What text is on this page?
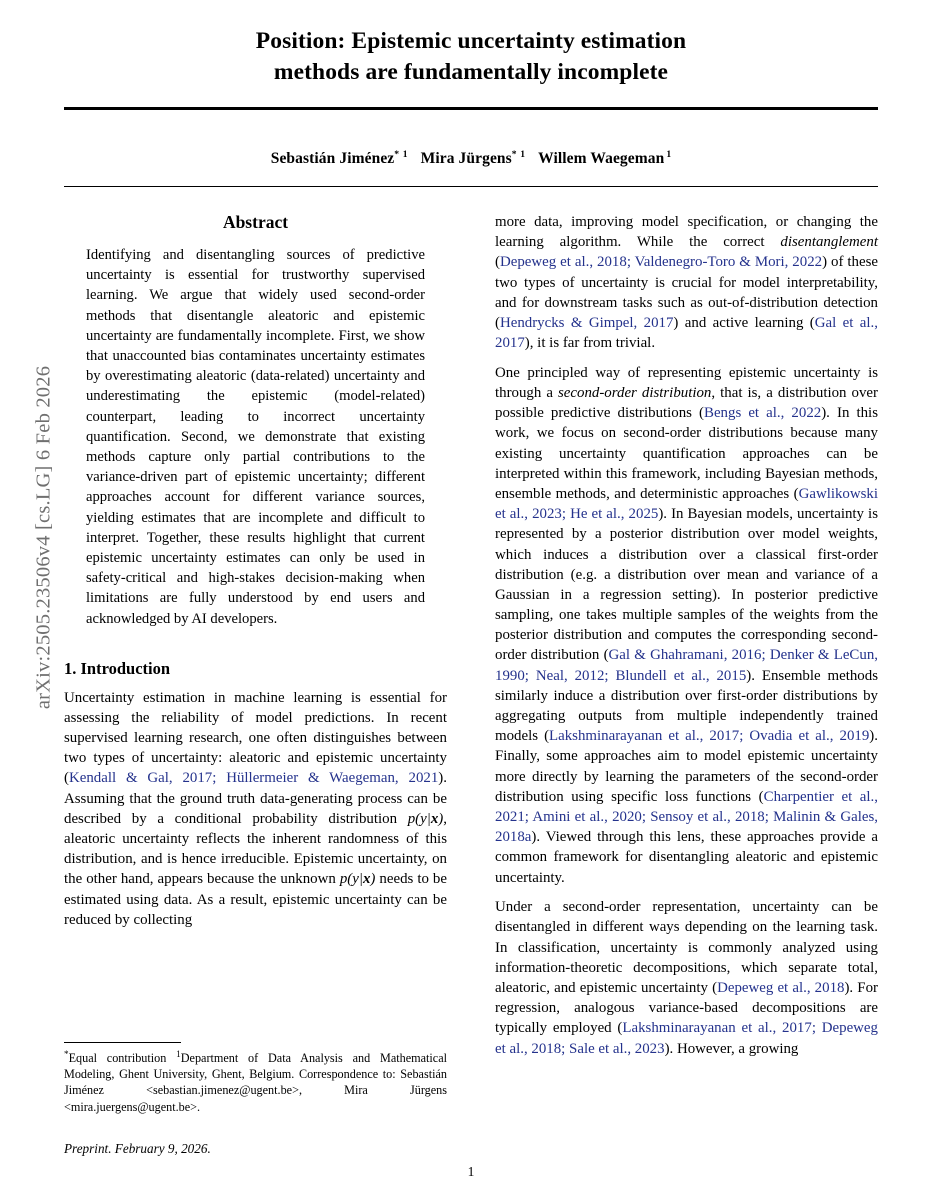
arXiv:2505.23506v4 [cs.LG] 6 Feb 2026
Position: Epistemic uncertainty estimation
methods are fundamentally incomplete
Sebastián Jiménez$^{* 1}$ Mira Jürgens$^{* 1}$ Willem Waegeman $^1$
Abstract
Identifying and disentangling sources of predictive uncertainty is essential for trustworthy supervised learning. We argue that widely used second-order methods that disentangle aleatoric and epistemic uncertainty are fundamentally incomplete. First, we show that unaccounted bias contaminates uncertainty estimates by overestimating aleatoric (data-related) uncertainty and underestimating the epistemic (model-related) counterpart, leading to incorrect uncertainty quantification. Second, we demonstrate that existing methods capture only partial contributions to the variance-driven part of epistemic uncertainty; different approaches account for different variance sources, yielding estimates that are incomplete and difficult to interpret. Together, these results highlight that current epistemic uncertainty estimates can only be used in safety-critical and high-stakes decision-making when limitations are fully understood by end users and acknowledged by AI developers.
1. Introduction

Uncertainty estimation in machine learning is essential for assessing the reliability of model predictions. In recent supervised learning research, one often distinguishes between two types of uncertainty: aleatoric and epistemic uncertainty (Kendall & Gal, 2017; Hüllermeier & Waegeman, 2021). Assuming that the ground truth data-generating process can be described by a conditional probability distribution p(y|x), aleatoric uncertainty reflects the inherent randomness of this distribution, and is hence irreducible. Epistemic uncertainty, on the other hand, appears because the unknown p(y|x) needs to be estimated using data. As a result, epistemic uncertainty can be reduced by collecting

more data, improving model specification, or changing the learning algorithm. While the correct disentanglement (Depeweg et al., 2018; Valdenegro-Toro & Mori, 2022) of these two types of uncertainty is crucial for model interpretability, and for downstream tasks such as out-of-distribution detection (Hendrycks & Gimpel, 2017) and active learning (Gal et al., 2017), it is far from trivial.

One principled way of representing epistemic uncertainty is through a second-order distribution, that is, a distribution over possible predictive distributions (Bengs et al., 2022). In this work, we focus on second-order distributions because many existing uncertainty quantification approaches can be interpreted within this framework, including Bayesian methods, ensemble methods, and deterministic approaches (Gawlikowski et al., 2023; He et al., 2025). In Bayesian models, uncertainty is represented by a posterior distribution over model weights, which induces a distribution over a classical first-order distribution (e.g. a distribution over mean and variance of a Gaussian in a regression setting). In posterior predictive sampling, one takes multiple samples of the weights from the posterior distribution and computes the corresponding second-order distribution (Gal & Ghahramani, 2016; Denker & LeCun, 1990; Neal, 2012; Blundell et al., 2015). Ensemble methods similarly induce a distribution over first-order distributions by aggregating outputs from multiple independently trained models (Lakshminarayanan et al., 2017; Ovadia et al., 2019). Finally, some approaches aim to model epistemic uncertainty more directly by learning the parameters of the second-order distribution using specific loss functions (Charpentier et al., 2021; Amini et al., 2020; Sensoy et al., 2018; Malinin & Gales, 2018a). Viewed through this lens, these approaches provide a common framework for disentangling aleatoric and epistemic uncertainty.

Under a second-order representation, uncertainty can be disentangled in different ways depending on the learning task. In classification, uncertainty is commonly analyzed using information-theoretic decompositions, which separate total, aleatoric, and epistemic uncertainty (Depeweg et al., 2018). For regression, analogous variance-based decompositions are typically employed (Lakshminarayanan et al., 2017; Depeweg et al., 2018; Sale et al., 2023). However, a growing

*Equal contribution $^1$Department of Data Analysis and Mathematical Modeling, Ghent University, Ghent, Belgium. Correspondence to: Sebastián Jiménez <sebastian.jimenez@ugent.be>, Mira Jürgens <mira.juergens@ugent.be>.

Preprint. February 9, 2026.

1
